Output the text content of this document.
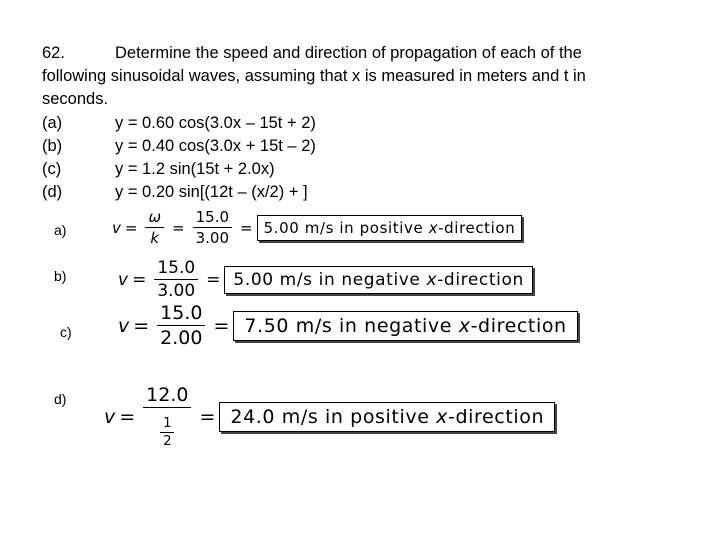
62.	Determine the speed and direction of propagation of each of the
following sinusoidal waves, assuming that x is measured in meters and t in
seconds.
(a)	y = 0.60 cos(3.0x – 15t + 2)
(b)	y = 0.40 cos(3.0x + 15t – 2)
(c)	y = 1.2 sin(15t + 2.0x)
(d)	y = 0.20 sin[(12t – (x/2) + ]
a)	$v = \frac{\omega}{k} = \frac{15.0}{3.00} = 5.00$ m/s in positive x-direction
b)	$v = \frac{15.0}{3.00} = 5.00$ m/s in negative x-direction
c) $v = \frac{15.0}{2.00} = 7.50$ m/s in negative x-direction
d)
$v = \frac{12.0}{\frac{1}{2}} = 24.0$ m/s in positive x-direction
